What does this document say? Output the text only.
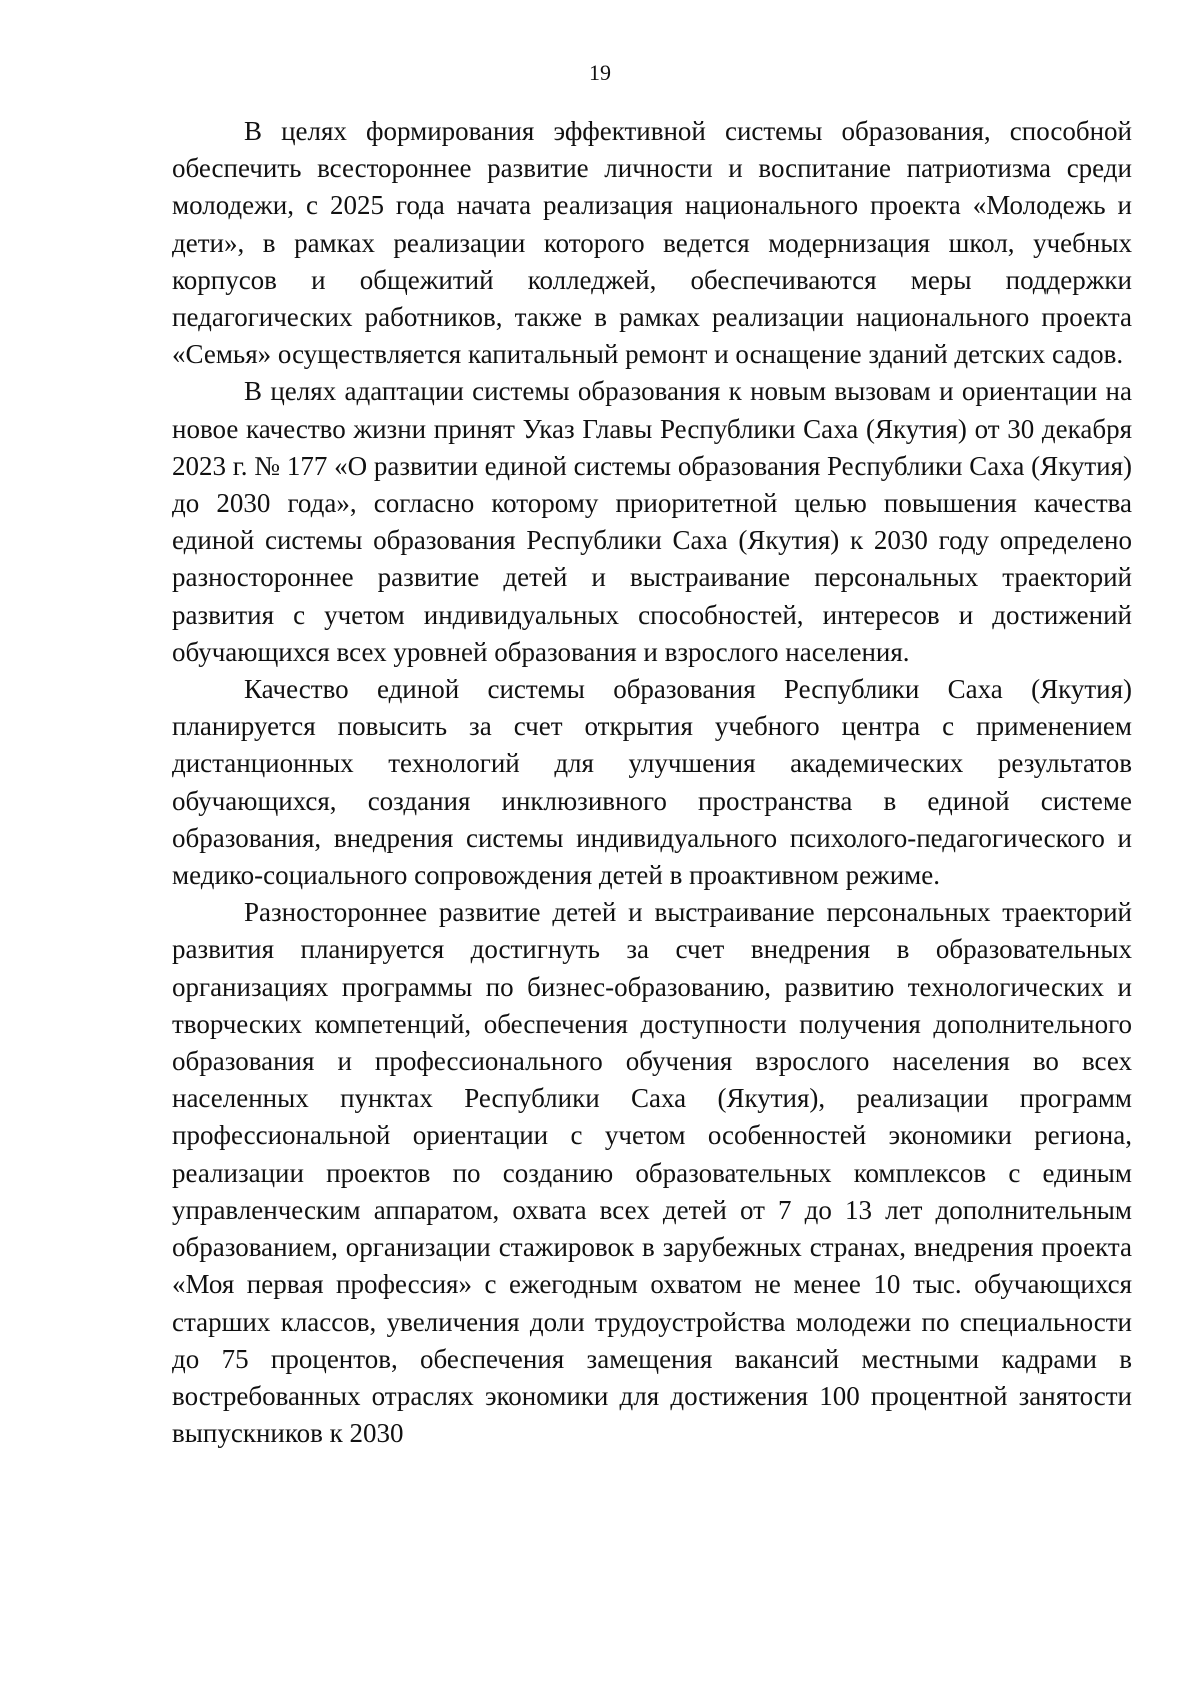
19

В целях формирования эффективной системы образования, способной обеспечить всестороннее развитие личности и воспитание патриотизма среди молодежи, с 2025 года начата реализация национального проекта «Молодежь и дети», в рамках реализации которого ведется модернизация школ, учебных корпусов и общежитий колледжей, обеспечиваются меры поддержки педагогических работников, также в рамках реализации национального проекта «Семья» осуществляется капитальный ремонт и оснащение зданий детских садов.

В целях адаптации системы образования к новым вызовам и ориентации на новое качество жизни принят Указ Главы Республики Саха (Якутия) от 30 декабря 2023 г. № 177 «О развитии единой системы образования Республики Саха (Якутия) до 2030 года», согласно которому приоритетной целью повышения качества единой системы образования Республики Саха (Якутия) к 2030 году определено разностороннее развитие детей и выстраивание персональных траекторий развития с учетом индивидуальных способностей, интересов и достижений обучающихся всех уровней образования и взрослого населения.

Качество единой системы образования Республики Саха (Якутия) планируется повысить за счет открытия учебного центра с применением дистанционных технологий для улучшения академических результатов обучающихся, создания инклюзивного пространства в единой системе образования, внедрения системы индивидуального психолого-педагогического и медико-социального сопровождения детей в проактивном режиме.

Разностороннее развитие детей и выстраивание персональных траекторий развития планируется достигнуть за счет внедрения в образовательных организациях программы по бизнес-образованию, развитию технологических и творческих компетенций, обеспечения доступности получения дополнительного образования и профессионального обучения взрослого населения во всех населенных пунктах Республики Саха (Якутия), реализации программ профессиональной ориентации с учетом особенностей экономики региона, реализации проектов по созданию образовательных комплексов с единым управленческим аппаратом, охвата всех детей от 7 до 13 лет дополнительным образованием, организации стажировок в зарубежных странах, внедрения проекта «Моя первая профессия» с ежегодным охватом не менее 10 тыс. обучающихся старших классов, увеличения доли трудоустройства молодежи по специальности до 75 процентов, обеспечения замещения вакансий местными кадрами в востребованных отраслях экономики для достижения 100 процентной занятости выпускников к 2030
